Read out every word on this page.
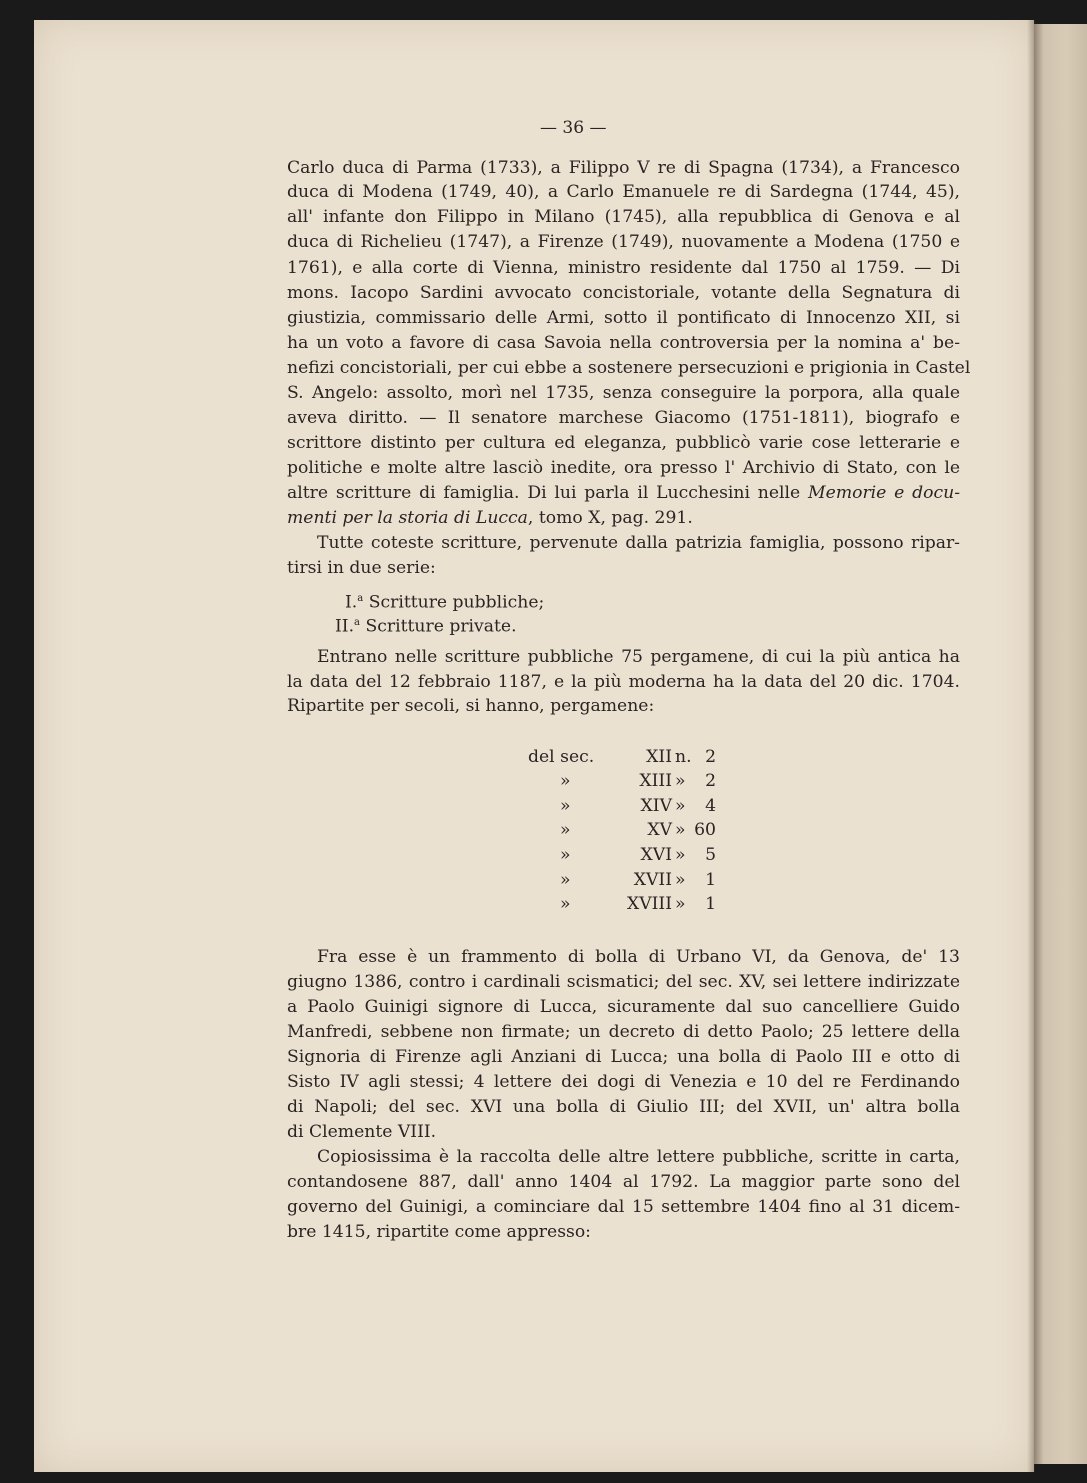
— 36 —
Carlo duca di Parma (1733), a Filippo V re di Spagna (1734), a Francesco
duca di Modena (1749, 40), a Carlo Emanuele re di Sardegna (1744, 45),
all' infante don Filippo in Milano (1745), alla repubblica di Genova e al
duca di Richelieu (1747), a Firenze (1749), nuovamente a Modena (1750 e
1761), e alla corte di Vienna, ministro residente dal 1750 al 1759. — Di
mons. Iacopo Sardini avvocato concistoriale, votante della Segnatura di
giustizia, commissario delle Armi, sotto il pontificato di Innocenzo XII, si
ha un voto a favore di casa Savoia nella controversia per la nomina a' be-
nefizi concistoriali, per cui ebbe a sostenere persecuzioni e prigionia in Castel
S. Angelo: assolto, morì nel 1735, senza conseguire la porpora, alla quale
aveva diritto. — Il senatore marchese Giacomo (1751-1811), biografo e
scrittore distinto per cultura ed eleganza, pubblicò varie cose letterarie e
politiche e molte altre lasciò inedite, ora presso l' Archivio di Stato, con le
altre scritture di famiglia. Di lui parla il Lucchesini nelle Memorie e docu-
menti per la storia di Lucca, tomo X, pag. 291.
Tutte coteste scritture, pervenute dalla patrizia famiglia, possono ripar-
tirsi in due serie:
I.$^a$ Scritture pubbliche;
II.$^a$ Scritture private.
Entrano nelle scritture pubbliche 75 pergamene, di cui la più antica ha
la data del 12 febbraio 1187, e la più moderna ha la data del 20 dic. 1704.
Ripartite per secoli, si hanno, pergamene:
del sec.	XII n. 2
»	XIII »	2
»	XIV »	4
»	XV » 60
»	XVI »	5
»	XVII »	1
»	XVIII »	1
Fra esse è un frammento di bolla di Urbano VI, da Genova, de' 13
giugno 1386, contro i cardinali scismatici; del sec. XV, sei lettere indirizzate
a Paolo Guinigi signore di Lucca, sicuramente dal suo cancelliere Guido
Manfredi, sebbene non firmate; un decreto di detto Paolo; 25 lettere della
Signoria di Firenze agli Anziani di Lucca; una bolla di Paolo III e otto di
Sisto IV agli stessi; 4 lettere dei dogi di Venezia e 10 del re Ferdinando
di Napoli; del sec. XVI una bolla di Giulio III; del XVII, un' altra bolla
di Clemente VIII.
Copiosissima è la raccolta delle altre lettere pubbliche, scritte in carta,
contandosene 887, dall' anno 1404 al 1792. La maggior parte sono del
governo del Guinigi, a cominciare dal 15 settembre 1404 fino al 31 dicem-
bre 1415, ripartite come appresso:
